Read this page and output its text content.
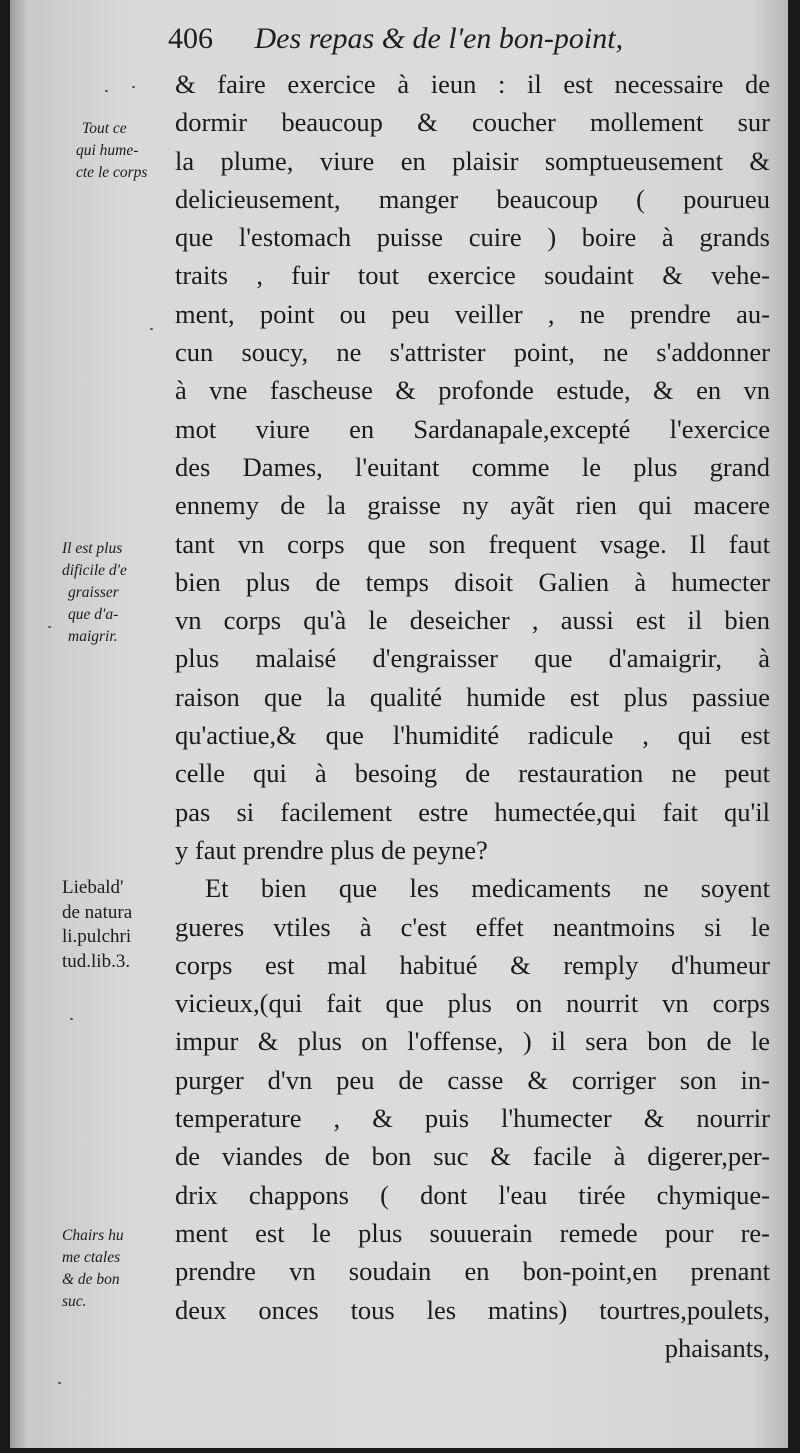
406 Des repas & de l'en bon-point,
& faire exercice à ieun : il est necessaire de
dormir beaucoup & coucher mollement sur
la plume, viure en plaisir somptueusement &
delicieusement, manger beaucoup ( pourueu
que l'estomach puisse cuire ) boire à grands
traits , fuir tout exercice soudaint & vehe-
ment, point ou peu veiller , ne prendre au-
cun soucy, ne s'attrister point, ne s'addonner
à vne fascheuse & profonde estude, & en vn
mot viure en Sardanapale,excepté l'exercice
des Dames, l'euitant comme le plus grand
ennemy de la graisse ny ayãt rien qui macere
tant vn corps que son frequent vsage. Il faut
bien plus de temps disoit Galien à humecter
vn corps qu'à le deseicher , aussi est il bien
plus malaisé d'engraisser que d'amaigrir, à
raison que la qualité humide est plus passiue
qu'actiue,& que l'humidité radicule , qui est
celle qui à besoing de restauration ne peut
pas si facilement estre humectée,qui fait qu'il
y faut prendre plus de peyne?
Et bien que les medicaments ne soyent
gueres vtiles à c'est effet neantmoins si le
corps est mal habitué & remply d'humeur
vicieux,(qui fait que plus on nourrit vn corps
impur & plus on l'offense, ) il sera bon de le
purger d'vn peu de casse & corriger son in-
temperature , & puis l'humecter & nourrir
de viandes de bon suc & facile à digerer,per-
drix chappons ( dont l'eau tirée chymique-
ment est le plus souuerain remede pour re-
prendre vn soudain en bon-point,en prenant
deux onces tous les matins) tourtres,poulets,
phaisants,
Tout ce
qui hume-
cte le corps
Il est plus
dificile d'e
graisser
que d'a-
maigrir.
Liebald'
de natura
li.pulchri
tud.lib.3.
Chairs hu
me ctales
& de bon
suc.
